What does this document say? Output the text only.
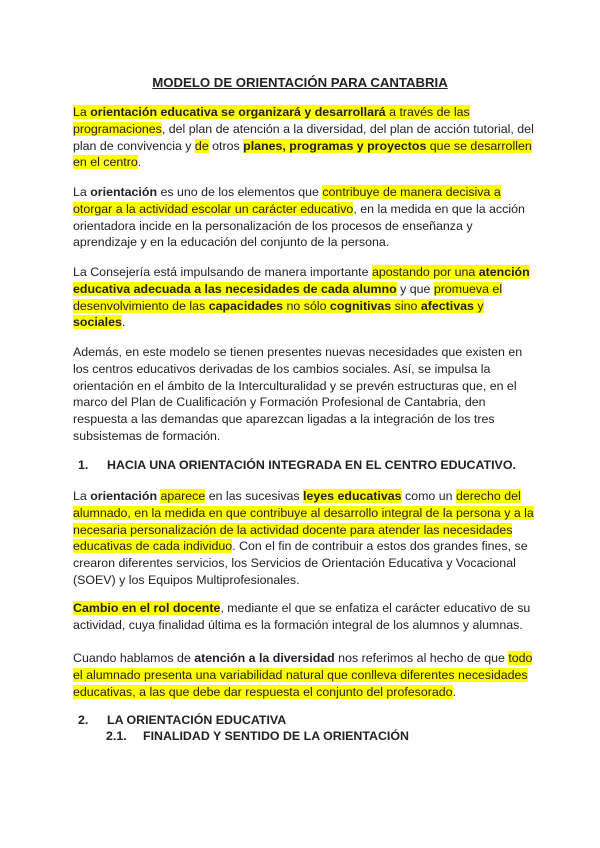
MODELO DE ORIENTACIÓN PARA CANTABRIA
La orientación educativa se organizará y desarrollará a través de las
programaciones, del plan de atención a la diversidad, del plan de acción tutorial, del
plan de convivencia y de otros planes, programas y proyectos que se desarrollen
en el centro.
La orientación es uno de los elementos que contribuye de manera decisiva a
otorgar a la actividad escolar un carácter educativo, en la medida en que la acción
orientadora incide en la personalización de los procesos de enseñanza y
aprendizaje y en la educación del conjunto de la persona.
La Consejería está impulsando de manera importante apostando por una atención
educativa adecuada a las necesidades de cada alumno y que promueva el
desenvolvimiento de las capacidades no sólo cognitivas sino afectivas y
sociales.
Además, en este modelo se tienen presentes nuevas necesidades que existen en
los centros educativos derivadas de los cambios sociales. Así, se impulsa la
orientación en el ámbito de la Interculturalidad y se prevén estructuras que, en el
marco del Plan de Cualificación y Formación Profesional de Cantabria, den
respuesta a las demandas que aparezcan ligadas a la integración de los tres
subsistemas de formación.
1. HACIA UNA ORIENTACIÓN INTEGRADA EN EL CENTRO EDUCATIVO.
La orientación aparece en las sucesivas leyes educativas como un derecho del
alumnado, en la medida en que contribuye al desarrollo integral de la persona y a la
necesaria personalización de la actividad docente para atender las necesidades
educativas de cada individuo. Con el fin de contribuir a estos dos grandes fines, se
crearon diferentes servicios, los Servicios de Orientación Educativa y Vocacional
(SOEV) y los Equipos Multiprofesionales.
Cambio en el rol docente, mediante el que se enfatiza el carácter educativo de su
actividad, cuya finalidad última es la formación integral de los alumnos y alumnas.
Cuando hablamos de atención a la diversidad nos referimos al hecho de que todo
el alumnado presenta una variabilidad natural que conlleva diferentes necesidades
educativas, a las que debe dar respuesta el conjunto del profesorado.
2. LA ORIENTACIÓN EDUCATIVA
2.1. FINALIDAD Y SENTIDO DE LA ORIENTACIÓN
